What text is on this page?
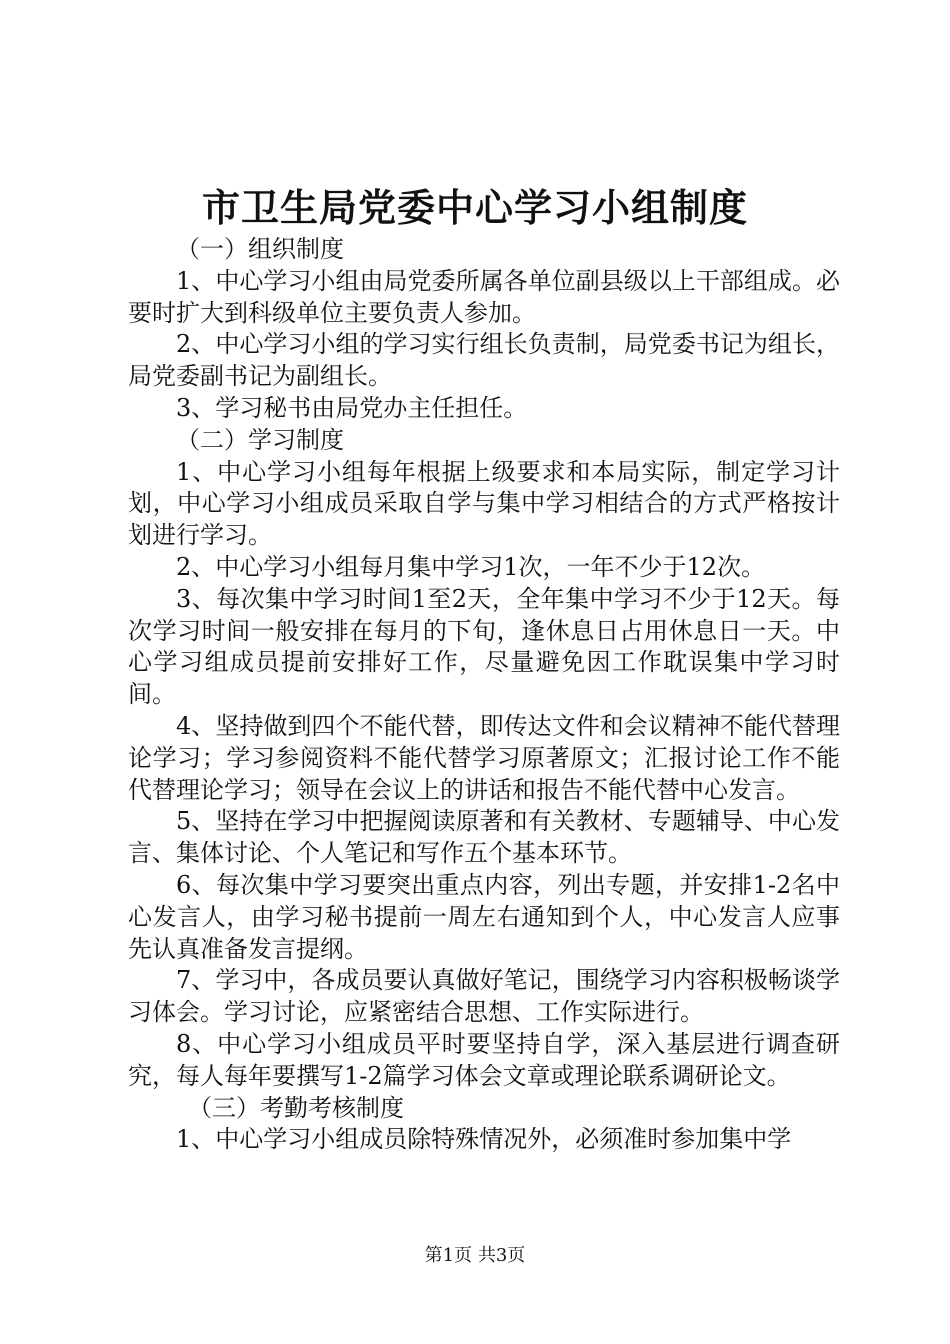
市卫生局党委中心学习小组制度

（一）组织制度

1、中心学习小组由局党委所属各单位副县级以上干部组成。必要时扩大到科级单位主要负责人参加。

2、中心学习小组的学习实行组长负责制，局党委书记为组长，局党委副书记为副组长。

3、学习秘书由局党办主任担任。

（二）学习制度

1、中心学习小组每年根据上级要求和本局实际，制定学习计划，中心学习小组成员采取自学与集中学习相结合的方式严格按计划进行学习。

2、中心学习小组每月集中学习1次，一年不少于12次。

3、每次集中学习时间1至2天，全年集中学习不少于12天。每次学习时间一般安排在每月的下旬，逢休息日占用休息日一天。中心学习组成员提前安排好工作，尽量避免因工作耽误集中学习时间。

4、坚持做到四个不能代替，即传达文件和会议精神不能代替理论学习；学习参阅资料不能代替学习原著原文；汇报讨论工作不能代替理论学习；领导在会议上的讲话和报告不能代替中心发言。

5、坚持在学习中把握阅读原著和有关教材、专题辅导、中心发言、集体讨论、个人笔记和写作五个基本环节。

6、每次集中学习要突出重点内容，列出专题，并安排1-2名中心发言人，由学习秘书提前一周左右通知到个人，中心发言人应事先认真准备发言提纲。

7、学习中，各成员要认真做好笔记，围绕学习内容积极畅谈学习体会。学习讨论，应紧密结合思想、工作实际进行。

8、中心学习小组成员平时要坚持自学，深入基层进行调查研究，每人每年要撰写1-2篇学习体会文章或理论联系调研论文。

（三）考勤考核制度

1、中心学习小组成员除特殊情况外，必须准时参加集中学

第1页 共3页
